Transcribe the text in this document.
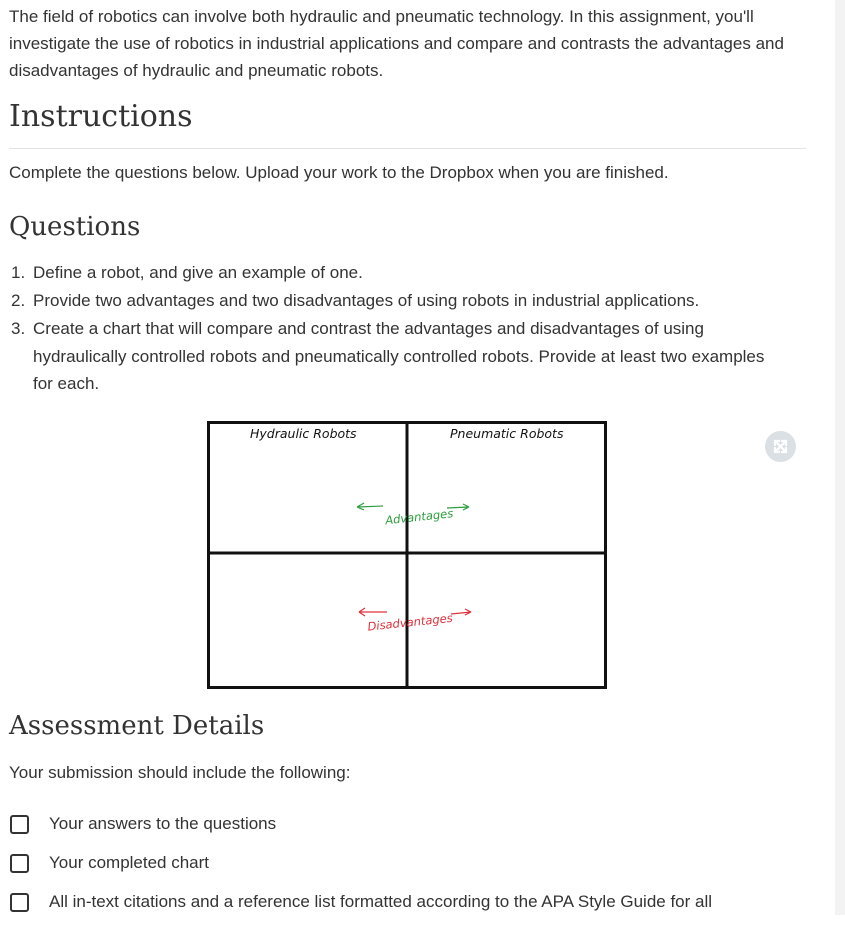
The field of robotics can involve both hydraulic and pneumatic technology. In this assignment, you'll investigate the use of robotics in industrial applications and compare and contrasts the advantages and disadvantages of hydraulic and pneumatic robots.

Instructions

Complete the questions below. Upload your work to the Dropbox when you are finished.

Questions
1. Define a robot, and give an example of one.
2. Provide two advantages and two disadvantages of using robots in industrial applications.
3. Create a chart that will compare and contrast the advantages and disadvantages of using hydraulically controlled robots and pneumatically controlled robots. Provide at least two examples for each.
Hydraulic Robots	Pneumatic Robots
Advantages
Disadvantages
Assessment Details

Your submission should include the following:

Your answers to the questions
Your completed chart
All in-text citations and a reference list formatted according to the APA Style Guide for all
